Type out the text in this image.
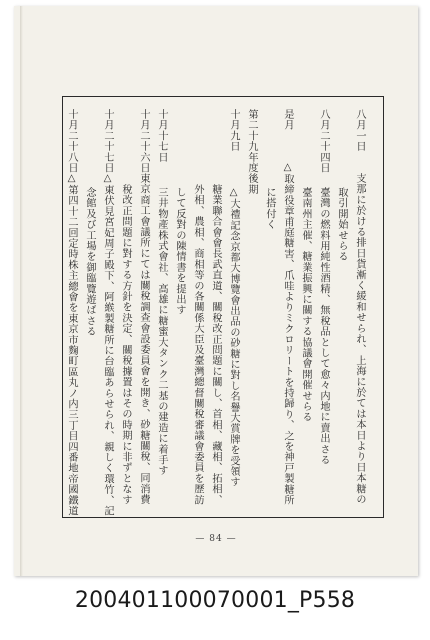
八月一日
支那に於ける排日貨漸く緩和せられ、上海に於ては本日より日本糖の
取引開始せらる
八月二十四日
臺灣の燃料用純性酒精、無稅品として愈々内地に賣出さる
臺南州主催、糖業振興に關する協議會開催せらる
是月
△取締役章甫庭糖害、爪哇よりミクロリートを持歸り、之を神戸製糖所
に搭付く
第二十九年度後期
十月九日
△大禮記念京都大博覽會出品の砂糖に對し名譽大賞牌を受領す
糖業聯合會會長武直道、關稅改正問題に關し、首相、藏相、拓相、
外相、農相、商相等の各關係大臣及臺灣總督關稅審議會委員を歷訪
して反對の陳情書を提出す
十月十七日
三井物產株式會社、高雄に糖蜜大タンク二基の建造に着手す
十月二十六日
東京商工會議所にては關稅調查會設委員會を開き、砂糖關稅、同消費
稅改正問題に對する方針を決定、關稅據置はその時期に非ずとなす
十月二十七日
△東伏見宮妃周子殿下、阿緱製糖所に台臨あらせられ、親しく環竹、記
念館及び工場を御臨覽遊ばさる
十月二十八日
△第四十二回定時株主總會を東京市麴町區丸ノ内三丁目四番地帝國鐵道
— 84 —
200401100070001_P558
